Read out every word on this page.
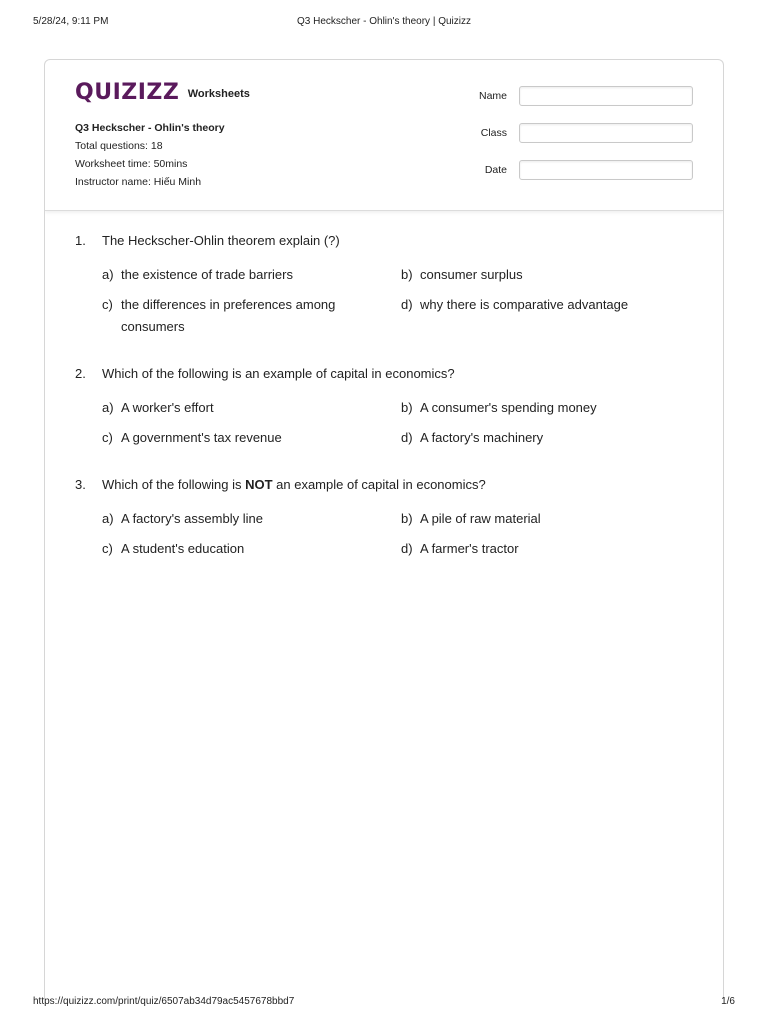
5/28/24, 9:11 PM	Q3 Heckscher - Ohlin's theory | Quizizz
QUIZIZZ Worksheets
Q3 Heckscher - Ohlin's theory
Total questions: 18
Worksheet time: 50mins
Instructor name: Hiếu Minh
Name
Class
Date
1. The Heckscher-Ohlin theorem explain (?)
a) the existence of trade barriers	b) consumer surplus
c) the differences in preferences among consumers
d) why there is comparative advantage
2. Which of the following is an example of capital in economics?
a) A worker's effort	b) A consumer's spending money
c) A government's tax revenue	d) A factory's machinery
3. Which of the following is NOT an example of capital in economics?
a) A factory's assembly line	b) A pile of raw material
c) A student's education	d) A farmer's tractor
https://quizizz.com/print/quiz/6507ab34d79ac5457678bbd7	1/6
